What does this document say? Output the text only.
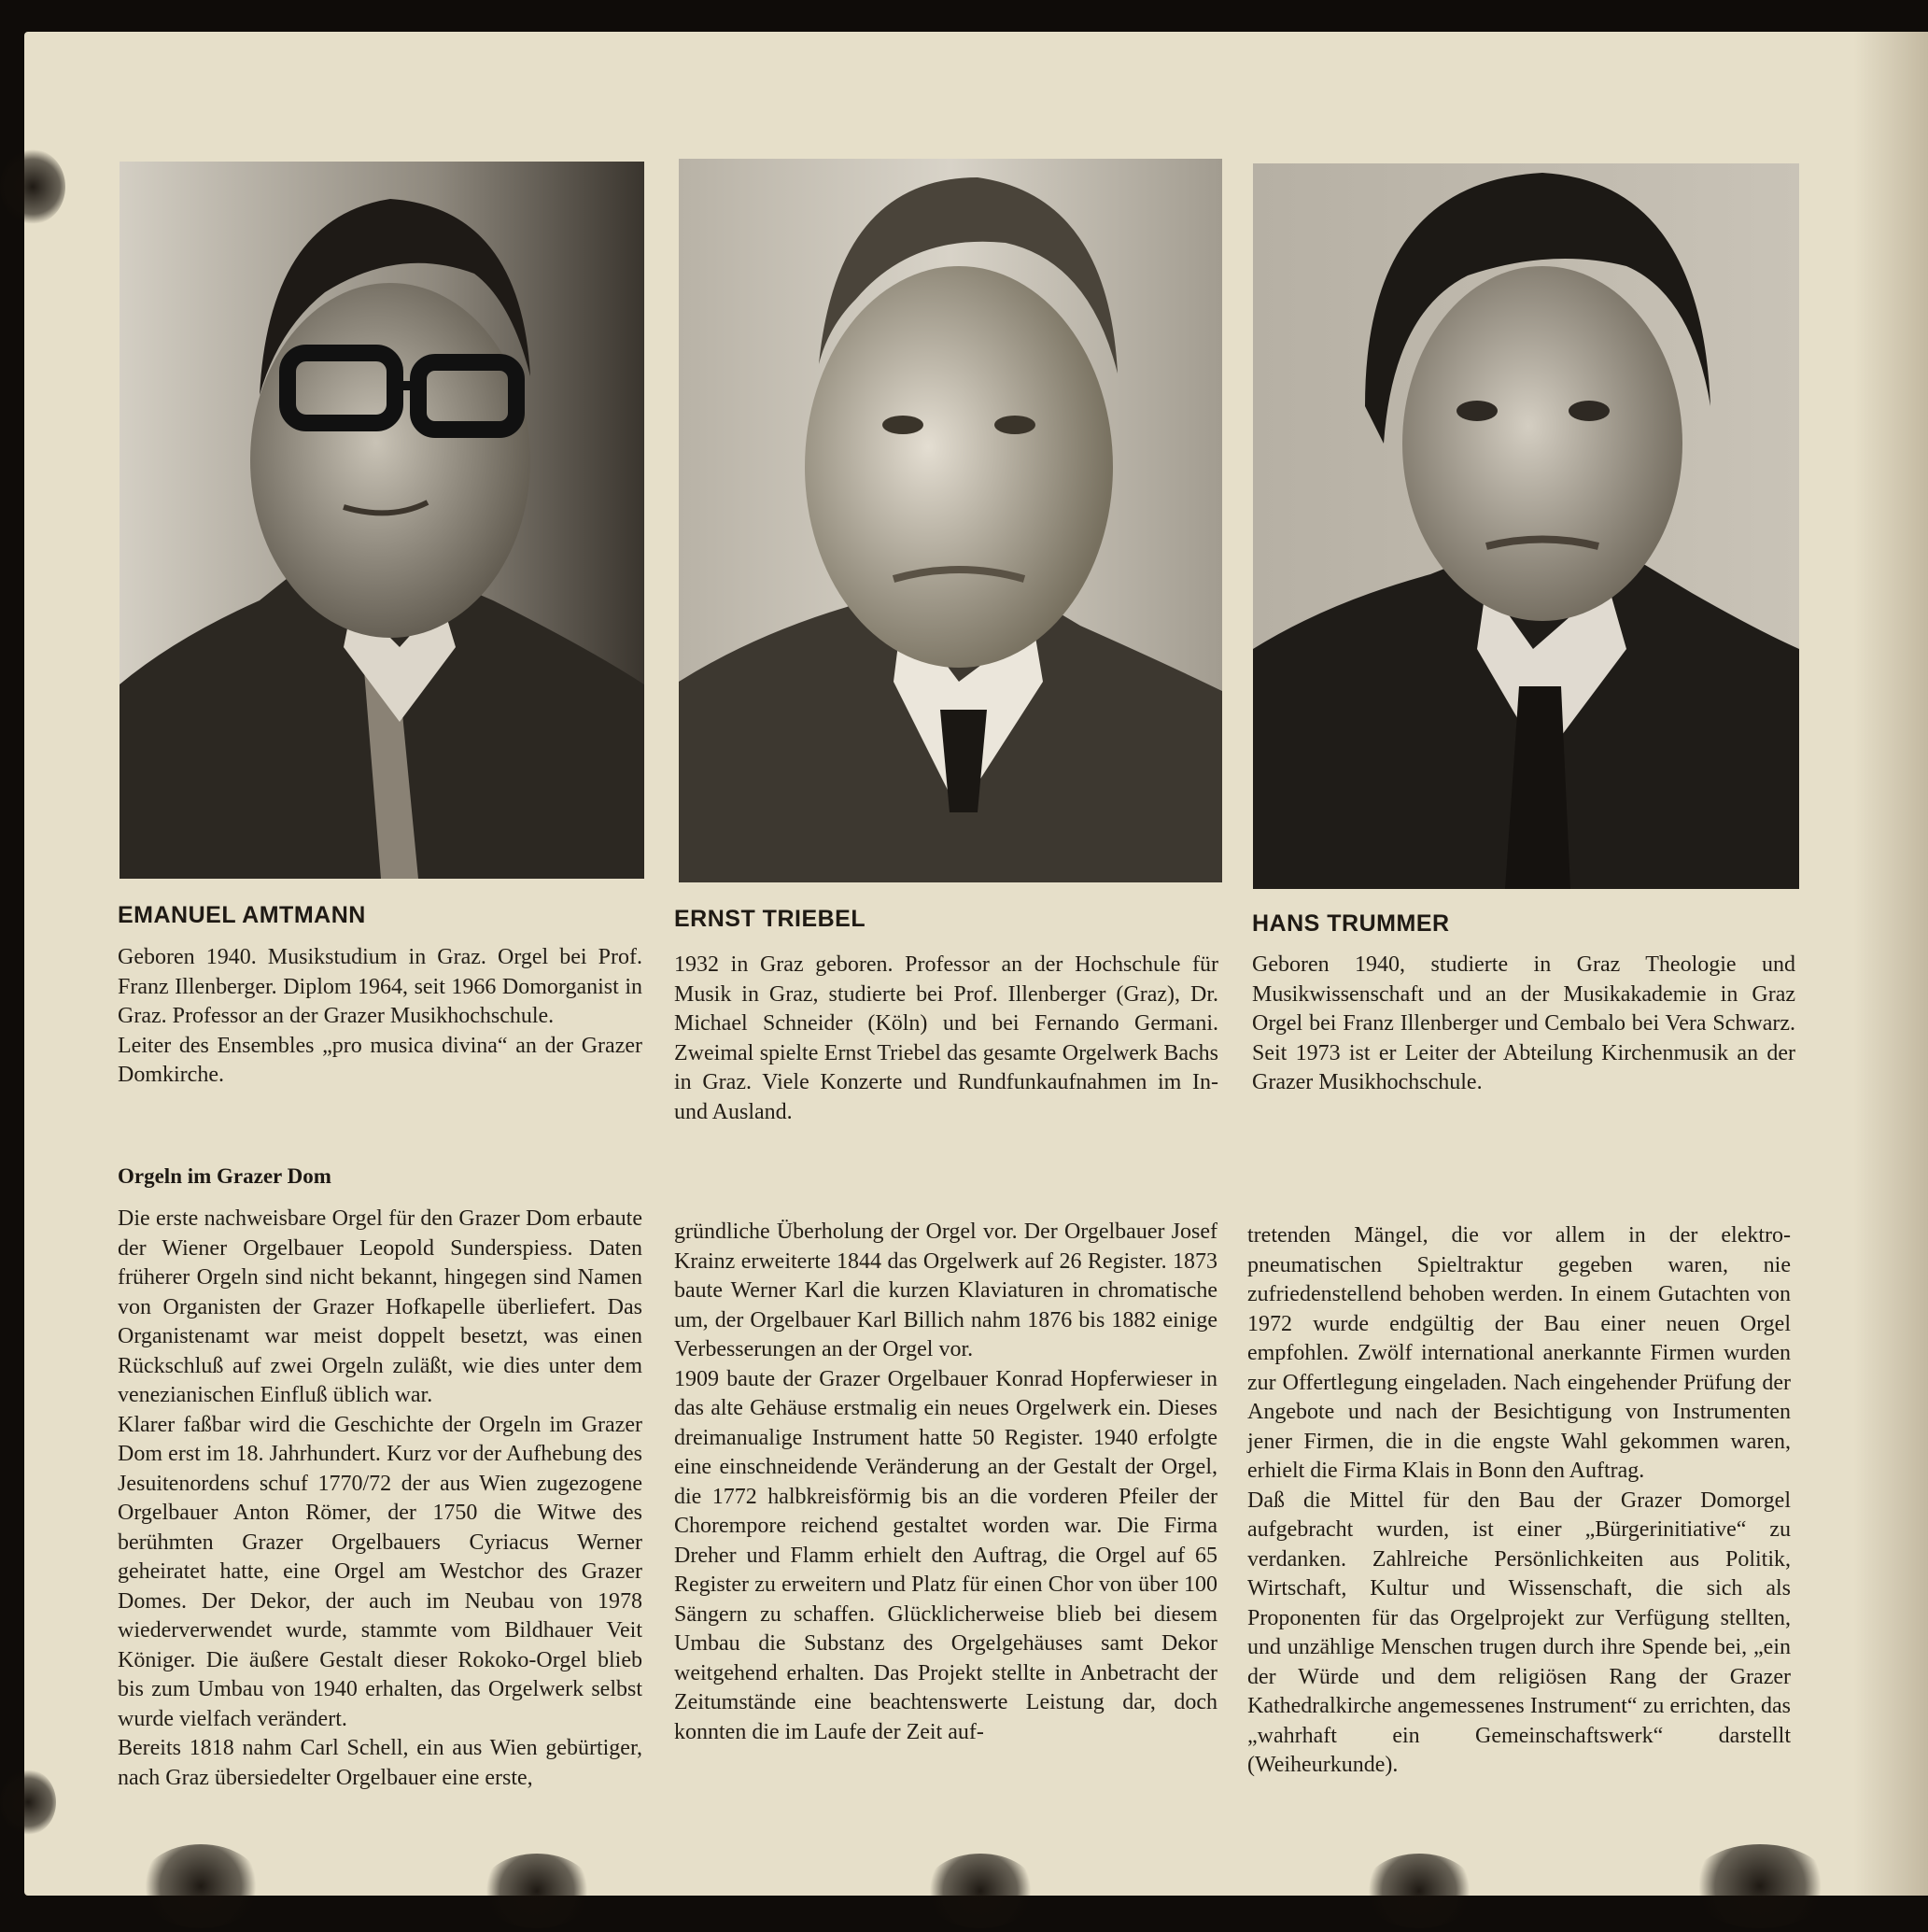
EMANUEL AMTMANN	ERNST TRIEBEL	HANS TRUMMER

Geboren 1940. Musikstudium in Graz. Orgel bei Prof. Franz Illenberger. Diplom 1964, seit 1966 Domorganist in Graz. Professor an der Grazer Musikhochschule.

Leiter des Ensembles „pro musica divina“ an der Grazer Domkirche.

1932 in Graz geboren. Professor an der Hochschule für Musik in Graz, studierte bei Prof. Illenberger (Graz), Dr. Michael Schneider (Köln) und bei Fernando Germani. Zweimal spielte Ernst Triebel das gesamte Orgelwerk Bachs in Graz. Viele Konzerte und Rundfunkaufnahmen im In- und Ausland.

Geboren 1940, studierte in Graz Theologie und Musikwissenschaft und an der Musikakademie in Graz Orgel bei Franz Illenberger und Cembalo bei Vera Schwarz. Seit 1973 ist er Leiter der Abteilung Kirchenmusik an der Grazer Musikhochschule.

Orgeln im Grazer Dom

Die erste nachweisbare Orgel für den Grazer Dom erbaute der Wiener Orgelbauer Leopold Sunderspiess. Daten früherer Orgeln sind nicht bekannt, hingegen sind Namen von Organisten der Grazer Hofkapelle überliefert. Das Organistenamt war meist doppelt besetzt, was einen Rückschluß auf zwei Orgeln zuläßt, wie dies unter dem venezianischen Einfluß üblich war.

Klarer faßbar wird die Geschichte der Orgeln im Grazer Dom erst im 18. Jahrhundert. Kurz vor der Aufhebung des Jesuitenordens schuf 1770/72 der aus Wien zugezogene Orgelbauer Anton Römer, der 1750 die Witwe des berühmten Grazer Orgelbauers Cyriacus Werner geheiratet hatte, eine Orgel am Westchor des Grazer Domes. Der Dekor, der auch im Neubau von 1978 wiederverwendet wurde, stammte vom Bildhauer Veit Königer. Die äußere Gestalt dieser Rokoko-Orgel blieb bis zum Umbau von 1940 erhalten, das Orgelwerk selbst wurde vielfach verändert.

Bereits 1818 nahm Carl Schell, ein aus Wien gebürtiger, nach Graz übersiedelter Orgelbauer eine erste,

gründliche Überholung der Orgel vor. Der Orgelbauer Josef Krainz erweiterte 1844 das Orgelwerk auf 26 Register. 1873 baute Werner Karl die kurzen Klaviaturen in chromatische um, der Orgelbauer Karl Billich nahm 1876 bis 1882 einige Verbesserungen an der Orgel vor.

1909 baute der Grazer Orgelbauer Konrad Hopferwieser in das alte Gehäuse erstmalig ein neues Orgelwerk ein. Dieses dreimanualige Instrument hatte 50 Register. 1940 erfolgte eine einschneidende Veränderung an der Gestalt der Orgel, die 1772 halbkreisförmig bis an die vorderen Pfeiler der Chorempore reichend gestaltet worden war. Die Firma Dreher und Flamm erhielt den Auftrag, die Orgel auf 65 Register zu erweitern und Platz für einen Chor von über 100 Sängern zu schaffen. Glücklicherweise blieb bei diesem Umbau die Substanz des Orgelgehäuses samt Dekor weitgehend erhalten. Das Projekt stellte in Anbetracht der Zeitumstände eine beachtenswerte Leistung dar, doch konnten die im Laufe der Zeit auf-

tretenden Mängel, die vor allem in der elektro-pneumatischen Spieltraktur gegeben waren, nie zufriedenstellend behoben werden. In einem Gutachten von 1972 wurde endgültig der Bau einer neuen Orgel empfohlen. Zwölf international anerkannte Firmen wurden zur Offertlegung eingeladen. Nach eingehender Prüfung der Angebote und nach der Besichtigung von Instrumenten jener Firmen, die in die engste Wahl gekommen waren, erhielt die Firma Klais in Bonn den Auftrag.

Daß die Mittel für den Bau der Grazer Domorgel aufgebracht wurden, ist einer „Bürgerinitiative“ zu verdanken. Zahlreiche Persönlichkeiten aus Politik, Wirtschaft, Kultur und Wissenschaft, die sich als Proponenten für das Orgelprojekt zur Verfügung stellten, und unzählige Menschen trugen durch ihre Spende bei, „ein der Würde und dem religiösen Rang der Grazer Kathedralkirche angemessenes Instrument“ zu errichten, das „wahrhaft ein Gemeinschaftswerk“ darstellt (Weiheurkunde).
